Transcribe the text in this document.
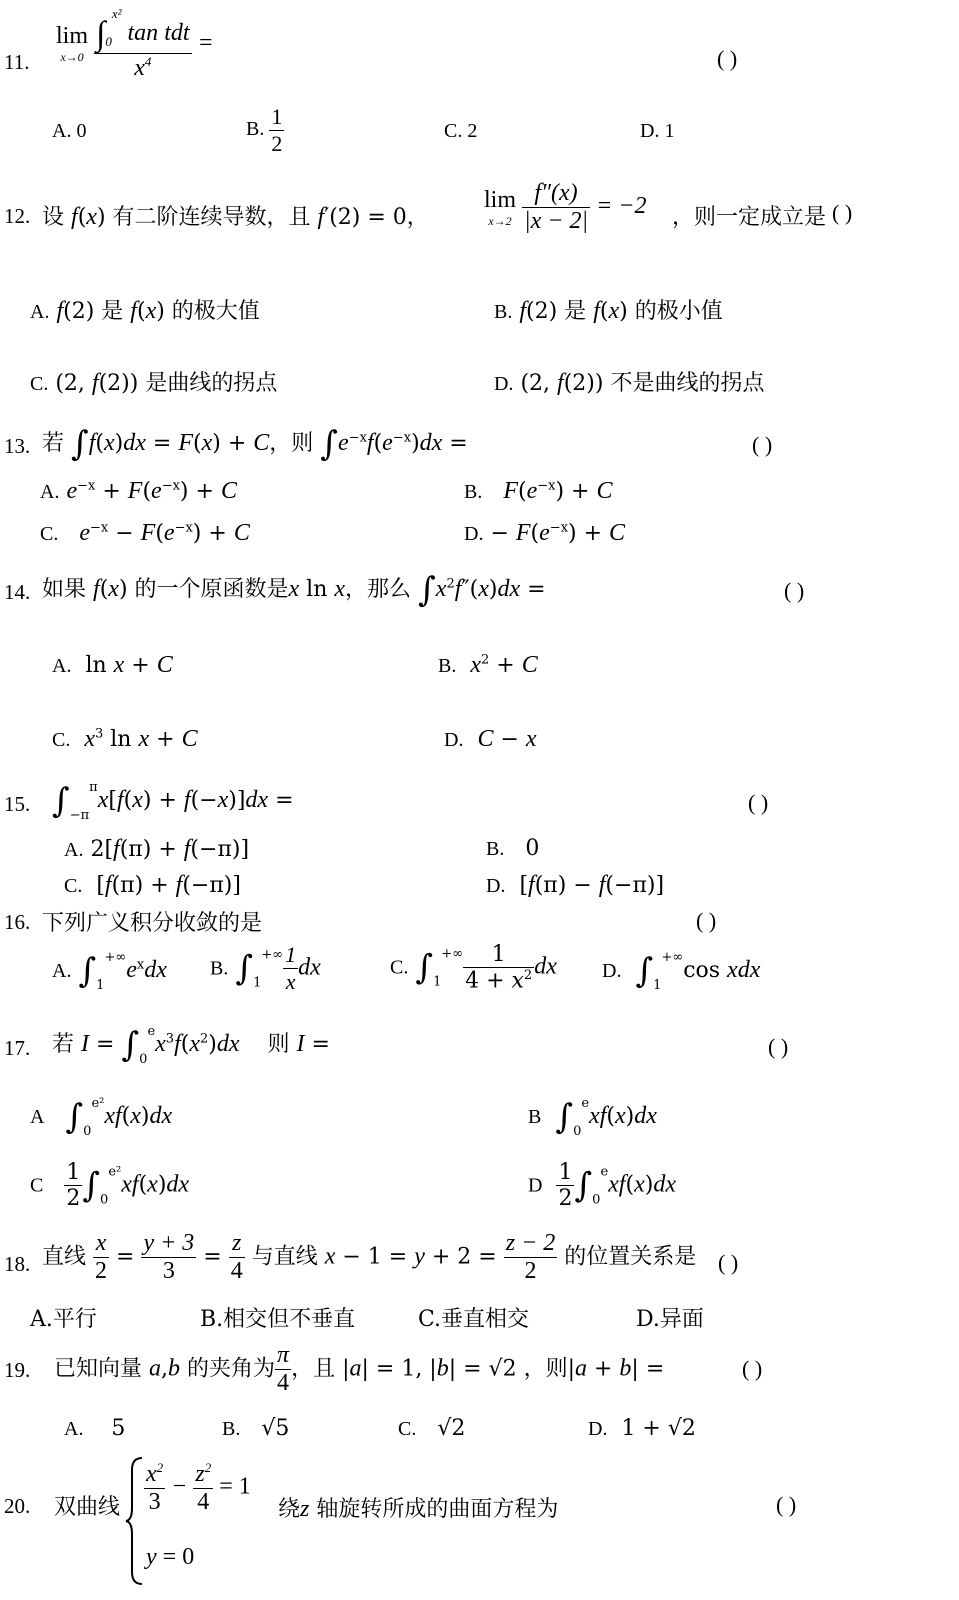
11.
lim
x→0
$\frac{\int_0^{x^2} \tan tdt}{x^4}$ =
( )
A. 0	B. $\frac{1}{2}$	C. 2	D. 1
12. 设 f(x) 有二阶连续导数，且 f′(2) = 0，
lim
x→2
$\frac{f''(x)}{|x - 2|} = -2$ ，则一定成立是 ( )
A. f(2) 是 f(x) 的极大值	B. f(2) 是 f(x) 的极小值
C. (2, f(2)) 是曲线的拐点	D. (2, f(2)) 不是曲线的拐点
13. 若 ∫f(x)dx = F(x) + C，则 $\int e^{-x}f(e^{-x})dx$ =	( )
A. $e^{-x} + F(e^{-x}) + C$	B. $F(e^{-x}) + C$
C. $e^{-x} - F(e^{-x}) + C$	D. − $F(e^{-x}) + C$
14. 如果 f(x) 的一个原函数是x ln x，那么 $\int x^2f''(x)dx$ =	( )
A.  ln x + C	B. $x^2 + C$
C. $x^3$ ln x + C	D. C − x
15. $\int_{-\pi}^\pi x[f(x) + f(-x)]dx$ =	( )
A. 2[f(π) + f(−π)]	B.   0
C.  [f(π) + f(−π)]	D.  [f(π) − f(−π)]
16. 下列广义积分收敛的是	( )
A. $\int_1^{+\infty}e^xdx$ B. $\int_1^{+\infty} \frac{1}{x}$ dx	C. $\int_1^{+\infty} \frac{1}{4 + x^2}$ dx D. $\int_1^{+\infty}\cos$ xdx
17. 若 $I = \int_0^ex^3f(x^2)dx$ 则 I =	( )
A $\int_0^{e^2}xf(x)dx$	B $\int_0^exf(x)dx$
C $\frac{1}{2} \int_0^{e^2}xf(x)dx$	D $\frac{1}{2} \int_0^exf(x)dx$
18. 直线 $\frac{x}{2} = \frac{y + 3}{3} = \frac{z}{4}$ 与直线 $x - 1 = y + 2 = \frac{z - 2}{2}$ 的位置关系是 ( )
A.平行	B.相交但不垂直	C.垂直相交	D.异面
19. 已知向量 a,b 的夹角为 $\frac{\pi}{4}$ ，且 |a| = 1, |b| = √2 ，则|a + b| =	( )
A.    5	B.   √5	C.   √2	D.  1 + √2
20. 双曲线 $\frac{x^2}{3} - \frac{z^2}{4} = 1$
y = 0
绕z 轴旋转所成的曲面方程为	( )
